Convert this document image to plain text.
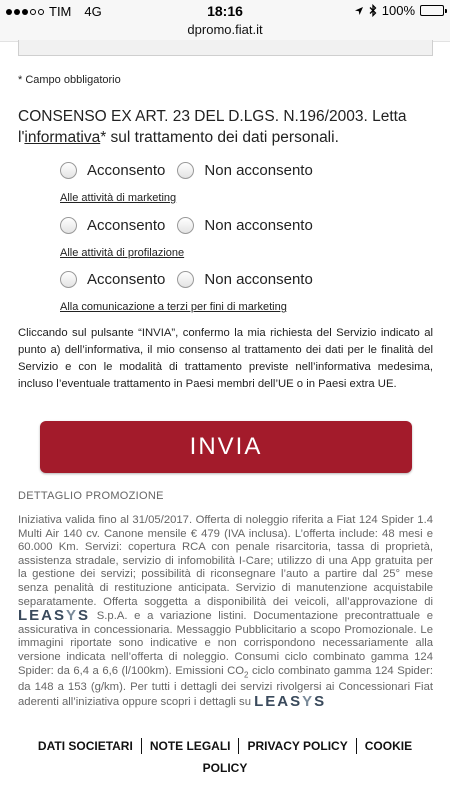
TIM 4G	18:16	100%
dpromo.fiat.it
* Campo obbligatorio
CONSENSO EX ART. 23 DEL D.LGS. N.196/2003. Letta l'informativa* sul trattamento dei dati personali.
Acconsento	Non acconsento
Alle attività di marketing
Acconsento	Non acconsento
Alle attività di profilazione
Acconsento	Non acconsento
Alla comunicazione a terzi per fini di marketing
Cliccando sul pulsante “INVIA”, confermo la mia richiesta del Servizio indicato al punto a) dell’informativa, il mio consenso al trattamento dei dati per le finalità del Servizio e con le modalità di trattamento previste nell’informativa medesima, incluso l’eventuale trattamento in Paesi membri dell’UE o in Paesi extra UE.
INVIA
DETTAGLIO PROMOZIONE
Iniziativa valida fino al 31/05/2017. Offerta di noleggio riferita a Fiat 124 Spider 1.4 Multi Air 140 cv. Canone mensile € 479 (IVA inclusa). L’offerta include: 48 mesi e 60.000 Km. Servizi: copertura RCA con penale risarcitoria, tassa di proprietà, assistenza stradale, servizio di infomobilità I-Care; utilizzo di una App gratuita per la gestione dei servizi; possibilità di riconsegnare l’auto a partire dal 25° mese senza penalità di restituzione anticipata. Servizio di manutenzione acquistabile separatamente. Offerta soggetta a disponibilità dei veicoli, all’approvazione di LEASYS S.p.A. e a variazione listini. Documentazione precontrattuale e assicurativa in concessionaria. Messaggio Pubblicitario a scopo Promozionale. Le immagini riportate sono indicative e non corrispondono necessariamente alla versione indicata nell’offerta di noleggio. Consumi ciclo combinato gamma 124 Spider: da 6,4 a 6,6 (l/100km). Emissioni $CO_2$ ciclo combinato gamma 124 Spider: da 148 a 153 (g/km). Per tutti i dettagli dei servizi rivolgersi ai Concessionari Fiat aderenti all’iniziativa oppure scopri i dettagli su LEASYS
DATI SOCIETARI	NOTE LEGALI	PRIVACY POLICY	COOKIE
POLICY
